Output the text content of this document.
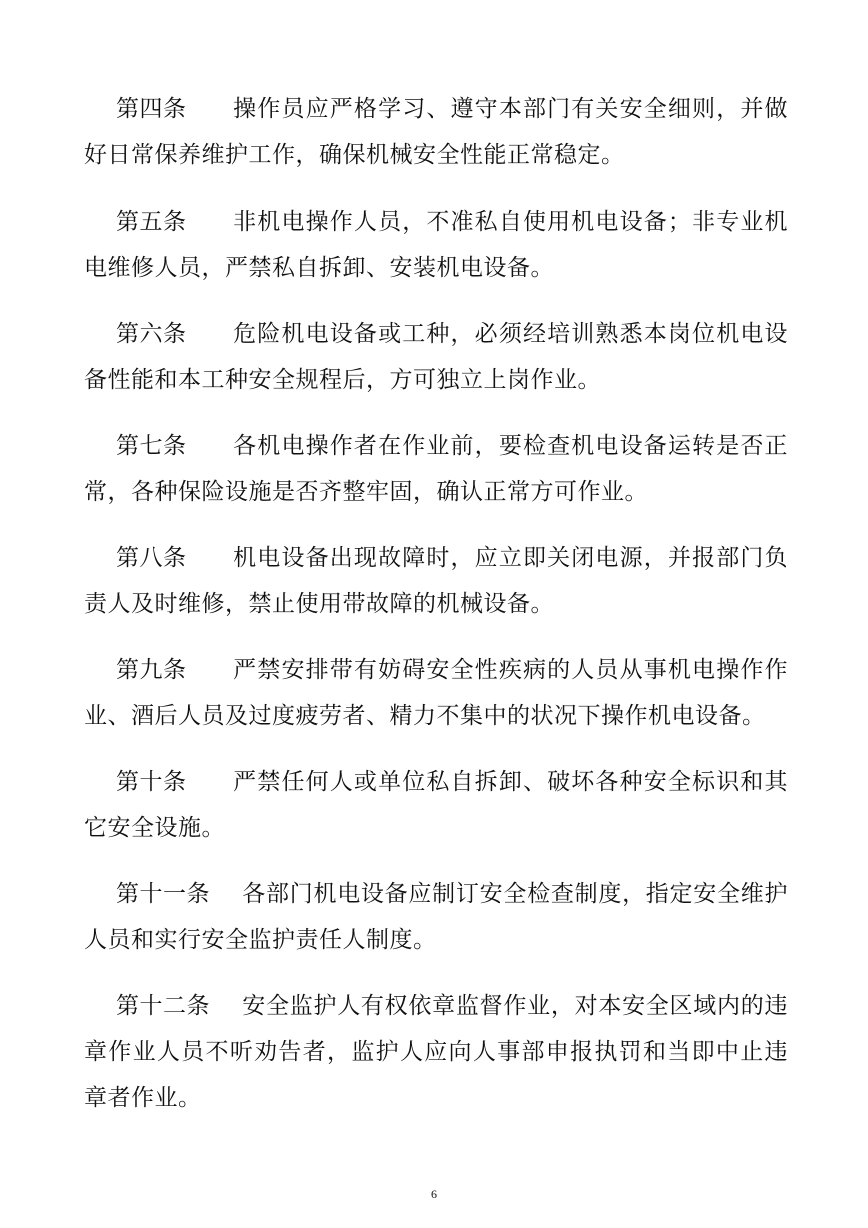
第四条 操作员应严格学习、遵守本部门有关安全细则，并做好日常保养维护工作，确保机械安全性能正常稳定。

第五条 非机电操作人员，不准私自使用机电设备；非专业机电维修人员，严禁私自拆卸、安装机电设备。

第六条 危险机电设备或工种，必须经培训熟悉本岗位机电设备性能和本工种安全规程后，方可独立上岗作业。

第七条 各机电操作者在作业前，要检查机电设备运转是否正常，各种保险设施是否齐整牢固，确认正常方可作业。

第八条 机电设备出现故障时，应立即关闭电源，并报部门负责人及时维修，禁止使用带故障的机械设备。

第九条 严禁安排带有妨碍安全性疾病的人员从事机电操作作业、酒后人员及过度疲劳者、精力不集中的状况下操作机电设备。

第十条 严禁任何人或单位私自拆卸、破坏各种安全标识和其它安全设施。

第十一条 各部门机电设备应制订安全检查制度，指定安全维护人员和实行安全监护责任人制度。

第十二条 安全监护人有权依章监督作业，对本安全区域内的违章作业人员不听劝告者，监护人应向人事部申报执罚和当即中止违章者作业。

6
